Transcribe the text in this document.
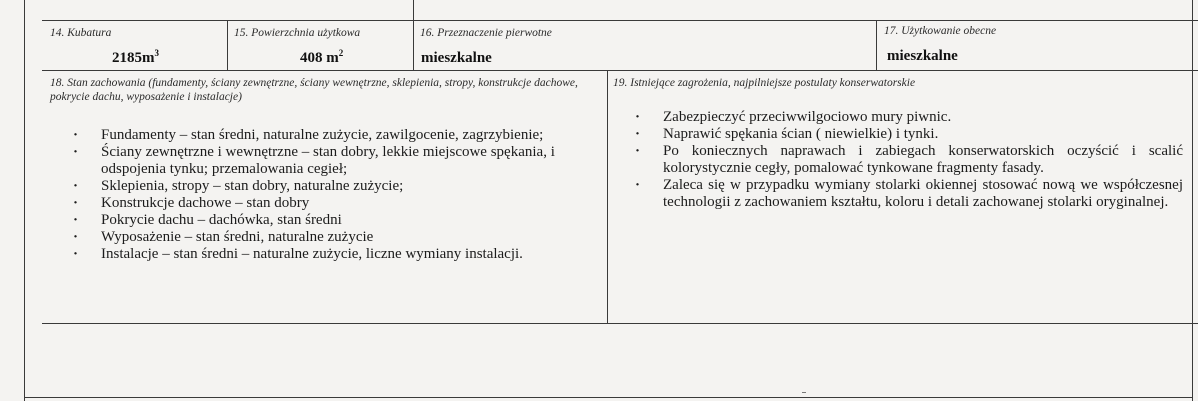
14. Kubatura
$2185m^3$
15. Powierzchnia użytkowa
408 $m^2$
16. Przeznaczenie pierwotne
mieszkalne
17. Użytkowanie obecne
mieszkalne
18. Stan zachowania (fundamenty, ściany zewnętrzne, ściany wewnętrzne, sklepienia, stropy, konstrukcje dachowe, pokrycie dachu, wyposażenie i instalacje)
· Fundamenty – stan średni, naturalne zużycie, zawilgocenie, zagrzybienie;
· Ściany zewnętrzne i wewnętrzne – stan dobry, lekkie miejscowe spękania, i odspojenia tynku; przemalowania cegieł;
· Sklepienia, stropy – stan dobry, naturalne zużycie;
· Konstrukcje dachowe – stan dobry
· Pokrycie dachu – dachówka, stan średni
· Wyposażenie – stan średni, naturalne zużycie
· Instalacje – stan średni – naturalne zużycie, liczne wymiany instalacji.
19. Istniejące zagrożenia, najpilniejsze postulaty konserwatorskie
· Zabezpieczyć przeciwwilgociowo mury piwnic.
· Naprawić spękania ścian ( niewielkie) i tynki.
· Po koniecznych naprawach i zabiegach konserwatorskich oczyścić i scalić kolorystycznie cegły, pomalować tynkowane fragmenty fasady.
· Zaleca się w przypadku wymiany stolarki okiennej stosować nową we współczesnej technologii z zachowaniem kształtu, koloru i detali zachowanej stolarki oryginalnej.
